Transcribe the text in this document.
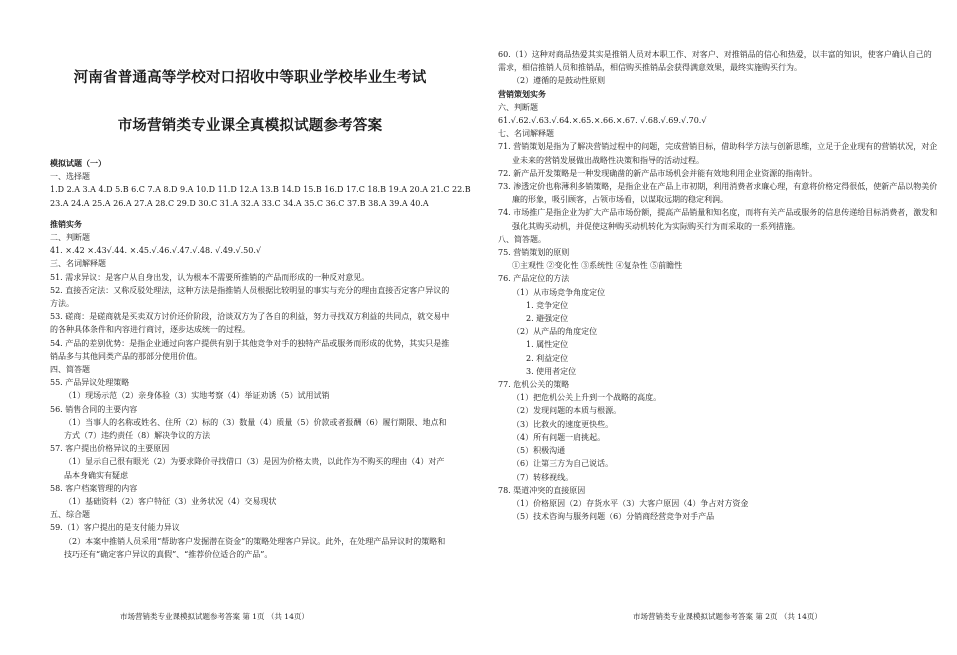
河南省普通高等学校对口招收中等职业学校毕业生考试
市场营销类专业课全真模拟试题参考答案
模拟试题（一）
一、选择题
1.D 2.A 3.A 4.D 5.B 6.C 7.A 8.D 9.A 10.D 11.D 12.A 13.B 14.D 15.B 16.D 17.C 18.B 19.A 20.A 21.C 22.B
23.A 24.A 25.A 26.A 27.A 28.C 29.D 30.C 31.A 32.A 33.C 34.A 35.C 36.C 37.B 38.A 39.A 40.A
推销实务
二、判断题
41. ×.42 ×.43√.44. ×.45.√.46.√.47.√.48. √.49.√.50.√
三、名词解释题
51. 需求异议：是客户从自身出发，认为根本不需要所推销的产品而形成的一种反对意见。
52. 直接否定法：又称反驳处理法，这种方法是指推销人员根据比较明显的事实与充分的理由直接否定客户异议的方法。
53. 磋商：是磋商就是买卖双方讨价还价阶段，洽谈双方为了各自的利益，努力寻找双方利益的共同点，就交易中的各种具体条件和内容进行商讨，逐步达成统一的过程。
54. 产品的差别优势：是指企业通过向客户提供有别于其他竞争对手的独特产品或服务而形成的优势，其实只是推销品多与其他同类产品的那部分使用价值。
四、简答题
55. 产品异议处理策略
（1）现场示范（2）亲身体验（3）实地考察（4）举证劝诱（5）试用试销
56. 销售合同的主要内容
（1）当事人的名称或姓名、住所（2）标的（3）数量（4）质量（5）价款或者报酬（6）履行期限、地点和方式（7）违约责任（8）解决争议的方法
57. 客户提出价格异议的主要原因
（1）显示自己很有眼光（2）为要求降价寻找借口（3）是因为价格太贵，以此作为不购买的理由（4）对产品本身确实有疑虑
58. 客户档案管理的内容
（1）基础资料（2）客户特征（3）业务状况（4）交易现状
五、综合题
59.（1）客户提出的是支付能力异议
（2）本案中推销人员采用“帮助客户发掘潜在资金”的策略处理客户异议。此外，在处理产品异议时的策略和技巧还有“确定客户异议的真假”、“推荐价位适合的产品”。
市场营销类专业课模拟试题参考答案 第 1页 （共 14页）
60.（1）这种对商品热爱其实是推销人员对本职工作、对客户、对推销品的信心和热爱，以丰富的知识，使客户确认自己的需求，相信推销人员和推销品，相信购买推销品会获得满意效果，最终实施购买行为。
（2）遵循的是鼓动性原则
营销策划实务
六、判断题
61.√.62.√.63.√.64.×.65.×.66.×.67. √.68.√.69.√.70.√
七、名词解释题
71. 营销策划是指为了解决营销过程中的问题，完成营销目标，借助科学方法与创新思维，立足于企业现有的营销状况，对企业未来的营销发展做出战略性决策和指导的活动过程。
72. 新产品开发策略是一种发现确凿的新产品市场机会并能有效地利用企业资源的指南针。
73. 渗透定价也称薄利多销策略，是指企业在产品上市初期，利用消费者求廉心理，有意将价格定得很低，使新产品以物美价廉的形象，吸引顾客，占领市场看，以谋取远期的稳定利润。
74. 市场推广是指企业为扩大产品市场份额，提高产品销量和知名度，而将有关产品或服务的信息传递给目标消费者，激发和强化其购买动机，并促使这种购买动机转化为实际购买行为而采取的一系列措施。
八、简答题。
75. 营销策划的原则
①主观性 ②变化性 ③系统性 ④复杂性 ⑤前瞻性
76. 产品定位的方法
（1）从市场竞争角度定位
1. 竞争定位
2. 避强定位
（2）从产品的角度定位
1. 属性定位
2. 利益定位
3. 使用者定位
77. 危机公关的策略
（1）把危机公关上升到一个战略的高度。
（2）发现问题的本质与根源。
（3）比救火的速度更快些。
（4）所有问题一肩挑起。
（5）积极沟通
（6）让第三方为自己说话。
（7）转移视线。
78. 渠道冲突的直接原因
（1）价格原因（2）存货水平（3）大客户原因（4）争占对方资金
（5）技术咨询与服务问题（6）分销商经营竞争对手产品
市场营销类专业课模拟试题参考答案 第 2页 （共 14页）
